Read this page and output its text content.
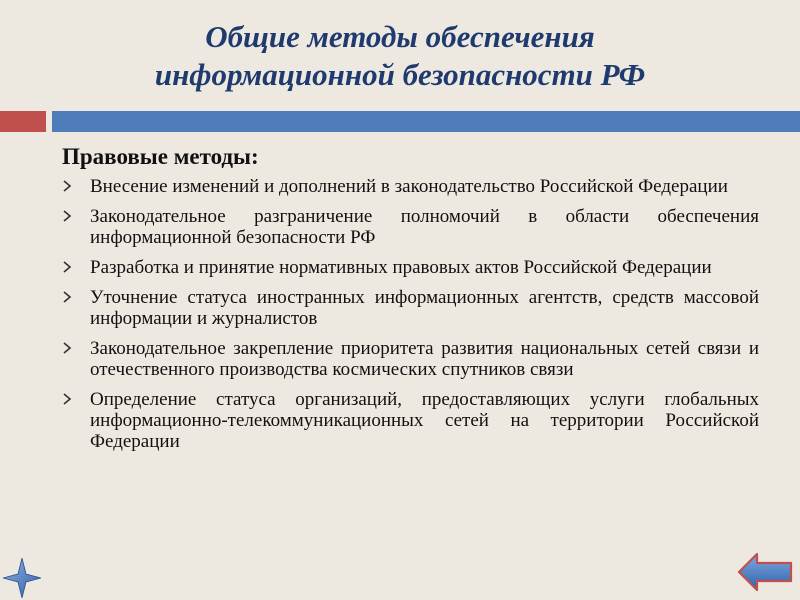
Общие методы обеспечения
информационной безопасности РФ
Правовые методы:
Внесение изменений и дополнений в законодательство Российской Федерации
Законодательное разграничение полномочий в области обеспечения информационной безопасности РФ
Разработка и принятие нормативных правовых актов Российской Федерации
Уточнение статуса иностранных информационных агентств, средств массовой информации и журналистов
Законодательное закрепление приоритета развития национальных сетей связи и отечественного производства космических спутников связи
Определение статуса организаций, предоставляющих услуги глобальных информационно-телекоммуникационных сетей на территории Российской Федерации
